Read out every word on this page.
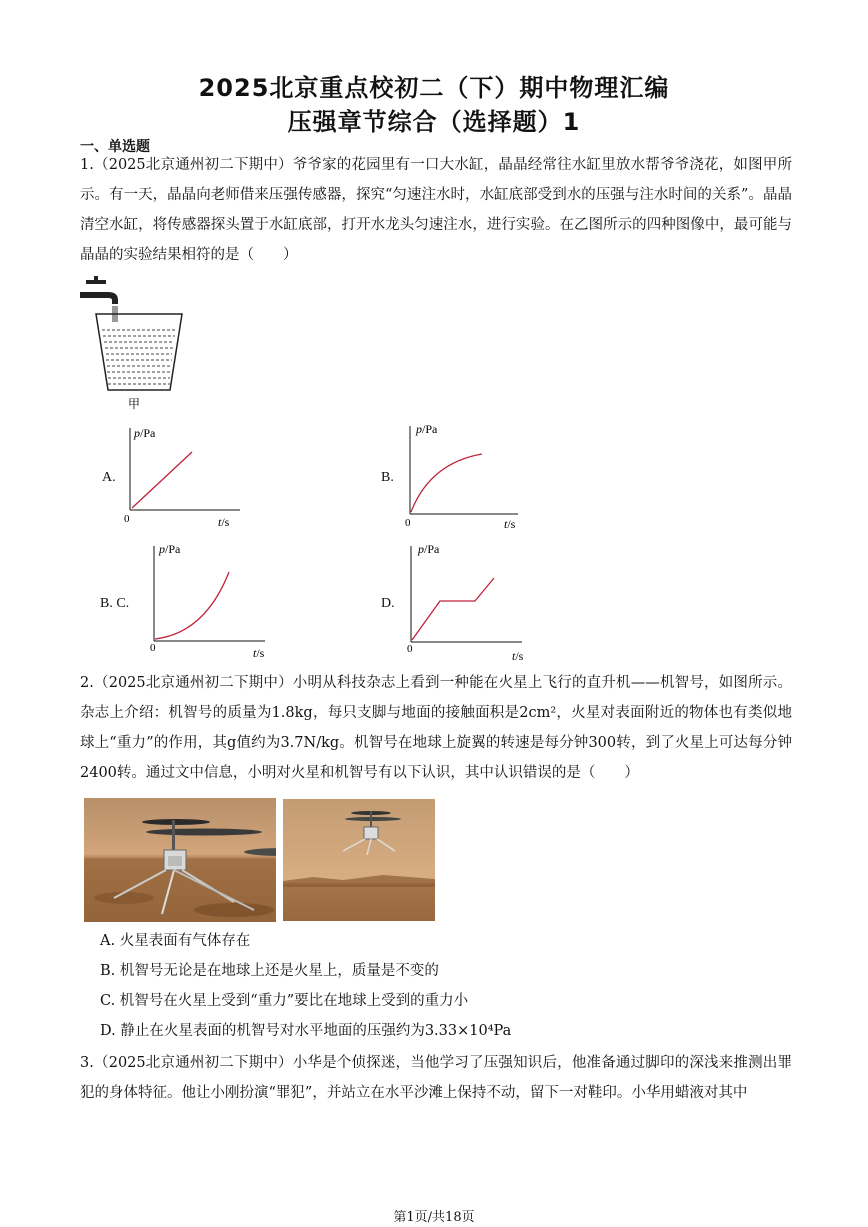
2025北京重点校初二（下）期中物理汇编
压强章节综合（选择题）1
一、单选题
1.（2025北京通州初二下期中）爷爷家的花园里有一口大水缸，晶晶经常往水缸里放水帮爷爷浇花，如图甲所示。有一天，晶晶向老师借来压强传感器，探究“匀速注水时，水缸底部受到水的压强与注水时间的关系”。晶晶清空水缸，将传感器探头置于水缸底部，打开水龙头匀速注水，进行实验。在乙图所示的四种图像中，最可能与晶晶的实验结果相符的是（　　）
甲
A.
p/Pa
0	t/s
B.
p/Pa
0	t/s
B. C.
p/Pa
0	t/s
D.
p/Pa
0	t/s
2.（2025北京通州初二下期中）小明从科技杂志上看到一种能在火星上飞行的直升机——机智号，如图所示。杂志上介绍：机智号的质量为1.8kg，每只支脚与地面的接触面积是2cm²，火星对表面附近的物体也有类似地球上“重力”的作用，其g值约为3.7N/kg。机智号在地球上旋翼的转速是每分钟300转，到了火星上可达每分钟2400转。通过文中信息，小明对火星和机智号有以下认识，其中认识错误的是（　　）
A. 火星表面有气体存在
B. 机智号无论是在地球上还是火星上，质量是不变的
C. 机智号在火星上受到“重力”要比在地球上受到的重力小
D. 静止在火星表面的机智号对水平地面的压强约为3.33×10⁴Pa
3.（2025北京通州初二下期中）小华是个侦探迷，当他学习了压强知识后，他准备通过脚印的深浅来推测出罪犯的身体特征。他让小刚扮演“罪犯”，并站立在水平沙滩上保持不动，留下一对鞋印。小华用蜡液对其中
第1页/共18页
